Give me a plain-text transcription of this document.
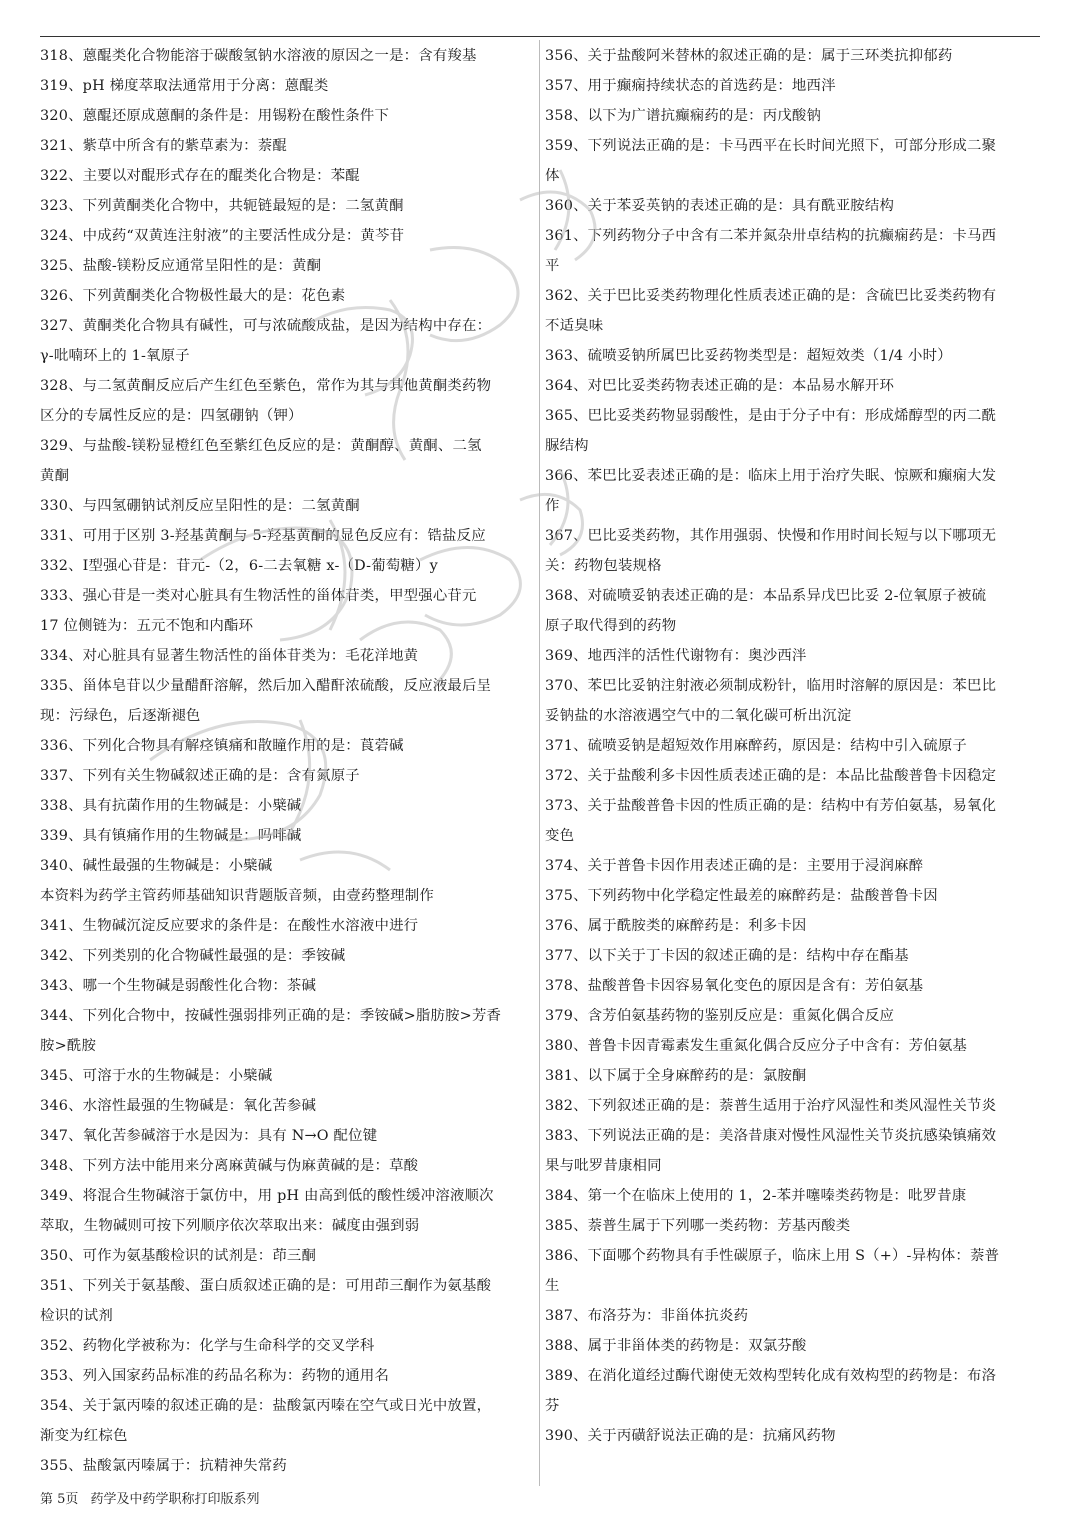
318、蒽醌类化合物能溶于碳酸氢钠水溶液的原因之一是：含有羧基
319、pH 梯度萃取法通常用于分离：蒽醌类
320、蒽醌还原成蒽酮的条件是：用锡粉在酸性条件下
321、紫草中所含有的紫草素为：萘醌
322、主要以对醌形式存在的醌类化合物是：苯醌
323、下列黄酮类化合物中，共轭链最短的是：二氢黄酮
324、中成药“双黄连注射液”的主要活性成分是：黄芩苷
325、盐酸-镁粉反应通常呈阳性的是：黄酮
326、下列黄酮类化合物极性最大的是：花色素
327、黄酮类化合物具有碱性，可与浓硫酸成盐，是因为结构中存在：
γ-吡喃环上的 1-氧原子
328、与二氢黄酮反应后产生红色至紫色，常作为其与其他黄酮类药物
区分的专属性反应的是：四氢硼钠（钾）
329、与盐酸-镁粉显橙红色至紫红色反应的是：黄酮醇、黄酮、二氢
黄酮
330、与四氢硼钠试剂反应呈阳性的是：二氢黄酮
331、可用于区别 3-羟基黄酮与 5-羟基黄酮的显色反应有：锆盐反应
332、Ⅰ型强心苷是：苷元-（2，6-二去氧糖 x-（D-葡萄糖）y
333、强心苷是一类对心脏具有生物活性的甾体苷类，甲型强心苷元
17 位侧链为：五元不饱和内酯环
334、对心脏具有显著生物活性的甾体苷类为：毛花洋地黄
335、甾体皂苷以少量醋酐溶解，然后加入醋酐浓硫酸，反应液最后呈
现：污绿色，后逐渐褪色
336、下列化合物具有解痉镇痛和散瞳作用的是：莨菪碱
337、下列有关生物碱叙述正确的是：含有氮原子
338、具有抗菌作用的生物碱是：小檗碱
339、具有镇痛作用的生物碱是：吗啡碱
340、碱性最强的生物碱是：小檗碱
本资料为药学主管药师基础知识背题版音频，由壹药整理制作
341、生物碱沉淀反应要求的条件是：在酸性水溶液中进行
342、下列类别的化合物碱性最强的是：季铵碱
343、哪一个生物碱是弱酸性化合物：茶碱
344、下列化合物中，按碱性强弱排列正确的是：季铵碱>脂肪胺>芳香
胺>酰胺
345、可溶于水的生物碱是：小檗碱
346、水溶性最强的生物碱是：氧化苦参碱
347、氧化苦参碱溶于水是因为：具有 N→O 配位键
348、下列方法中能用来分离麻黄碱与伪麻黄碱的是：草酸
349、将混合生物碱溶于氯仿中，用 pH 由高到低的酸性缓冲溶液顺次
萃取，生物碱则可按下列顺序依次萃取出来：碱度由强到弱
350、可作为氨基酸检识的试剂是：茚三酮
351、下列关于氨基酸、蛋白质叙述正确的是：可用茚三酮作为氨基酸
检识的试剂
352、药物化学被称为：化学与生命科学的交叉学科
353、列入国家药品标准的药品名称为：药物的通用名
354、关于氯丙嗪的叙述正确的是：盐酸氯丙嗪在空气或日光中放置，
渐变为红棕色
355、盐酸氯丙嗪属于：抗精神失常药
356、关于盐酸阿米替林的叙述正确的是：属于三环类抗抑郁药
357、用于癫痫持续状态的首选药是：地西泮
358、以下为广谱抗癫痫药的是：丙戊酸钠
359、下列说法正确的是：卡马西平在长时间光照下，可部分形成二聚
体
360、关于苯妥英钠的表述正确的是：具有酰亚胺结构
361、下列药物分子中含有二苯并氮杂卅卓结构的抗癫痫药是：卡马西
平
362、关于巴比妥类药物理化性质表述正确的是：含硫巴比妥类药物有
不适臭味
363、硫喷妥钠所属巴比妥药物类型是：超短效类（1/4 小时）
364、对巴比妥类药物表述正确的是：本品易水解开环
365、巴比妥类药物显弱酸性，是由于分子中有：形成烯醇型的丙二酰
脲结构
366、苯巴比妥表述正确的是：临床上用于治疗失眠、惊厥和癫痫大发
作
367、巴比妥类药物，其作用强弱、快慢和作用时间长短与以下哪项无
关：药物包装规格
368、对硫喷妥钠表述正确的是：本品系异戊巴比妥 2-位氧原子被硫
原子取代得到的药物
369、地西泮的活性代谢物有：奥沙西泮
370、苯巴比妥钠注射液必须制成粉针，临用时溶解的原因是：苯巴比
妥钠盐的水溶液遇空气中的二氧化碳可析出沉淀
371、硫喷妥钠是超短效作用麻醉药，原因是：结构中引入硫原子
372、关于盐酸利多卡因性质表述正确的是：本品比盐酸普鲁卡因稳定
373、关于盐酸普鲁卡因的性质正确的是：结构中有芳伯氨基，易氧化
变色
374、关于普鲁卡因作用表述正确的是：主要用于浸润麻醉
375、下列药物中化学稳定性最差的麻醉药是：盐酸普鲁卡因
376、属于酰胺类的麻醉药是：利多卡因
377、以下关于丁卡因的叙述正确的是：结构中存在酯基
378、盐酸普鲁卡因容易氧化变色的原因是含有：芳伯氨基
379、含芳伯氨基药物的鉴别反应是：重氮化偶合反应
380、普鲁卡因青霉素发生重氮化偶合反应分子中含有：芳伯氨基
381、以下属于全身麻醉药的是：氯胺酮
382、下列叙述正确的是：萘普生适用于治疗风湿性和类风湿性关节炎
383、下列说法正确的是：美洛昔康对慢性风湿性关节炎抗感染镇痛效
果与吡罗昔康相同
384、第一个在临床上使用的 1，2-苯并噻嗪类药物是：吡罗昔康
385、萘普生属于下列哪一类药物：芳基丙酸类
386、下面哪个药物具有手性碳原子，临床上用 S（+）-异构体：萘普
生
387、布洛芬为：非甾体抗炎药
388、属于非甾体类的药物是：双氯芬酸
389、在消化道经过酶代谢使无效构型转化成有效构型的药物是：布洛
芬
390、关于丙磺舒说法正确的是：抗痛风药物
第 5页 药学及中药学职称打印版系列
